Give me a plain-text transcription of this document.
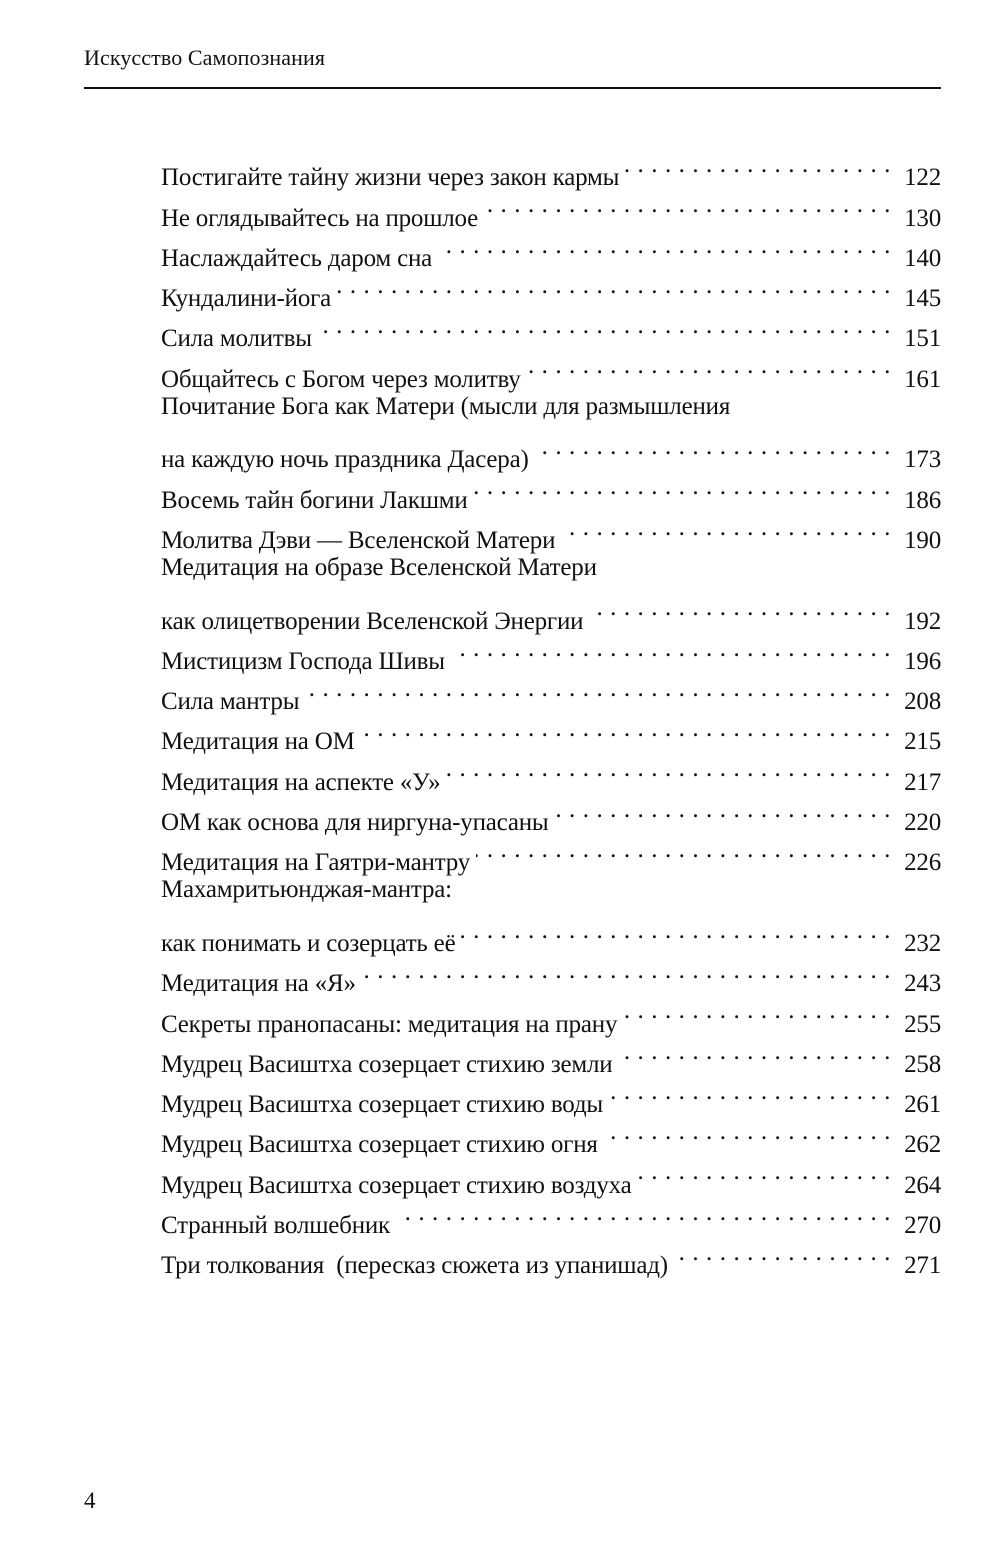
Искусство Самопознания
Постигайте тайну жизни через закон кармы . . .	122
Не оглядывайтесь на прошлое . . .	130
Наслаждайтесь даром сна . . .	140
Кундалини-йога . . .	145
Сила молитвы . . .	151
Общайтесь с Богом через молитву . . .	161
Почитание Бога как Матери (мысли для размышления
на каждую ночь праздника Дасера) . . .	173
Восемь тайн богини Лакшми . . .	186
Молитва Дэви — Вселенской Матери . . .	190
Медитация на образе Вселенской Матери
как олицетворении Вселенской Энергии . . .	192
Мистицизм Господа Шивы . . .	196
Сила мантры . . .	208
Медитация на ОМ . . .	215
Медитация на аспекте «У» . . .	217
ОМ как основа для ниргуна-упасаны . . .	220
Медитация на Гаятри-мантру . . .	226
Махамритьюнджая-мантра:
как понимать и созерцать её . . .	232
Медитация на «Я» . . .	243
Секреты пранопасаны: медитация на прану . . .	255
Мудрец Васиштха созерцает стихию земли . . .	258
Мудрец Васиштха созерцает стихию воды . . .	261
Мудрец Васиштха созерцает стихию огня . . .	262
Мудрец Васиштха созерцает стихию воздуха . . .	264
Странный волшебник . . .	270
Три толкования  (пересказ сюжета из упанишад) . . .	271
4
